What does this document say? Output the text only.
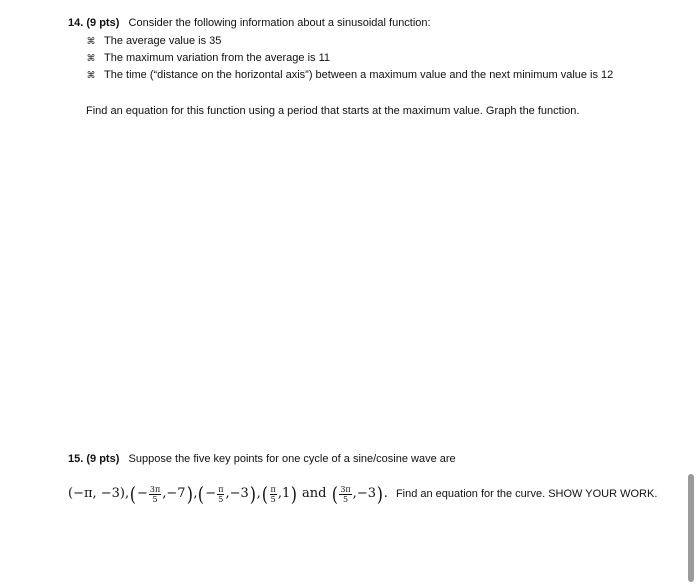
14. (9 pts) Consider the following information about a sinusoidal function:
⌘ The average value is 35
⌘ The maximum variation from the average is 11
⌘ The time (“distance on the horizontal axis”) between a maximum value and the next minimum value is 12
Find an equation for this function using a period that starts at the maximum value. Graph the function.
15. (9 pts) Suppose the five key points for one cycle of a sine/cosine wave are
(−π, −3), ( − $\frac{3\pi}{5}$ , −7 ) , ( − $\frac{\pi}{5}$ , −3 ) , ( $\frac{\pi}{5}$ , 1 ) and ( $\frac{3\pi}{5}$ , −3 ) . Find an equation for the curve. SHOW YOUR WORK.
